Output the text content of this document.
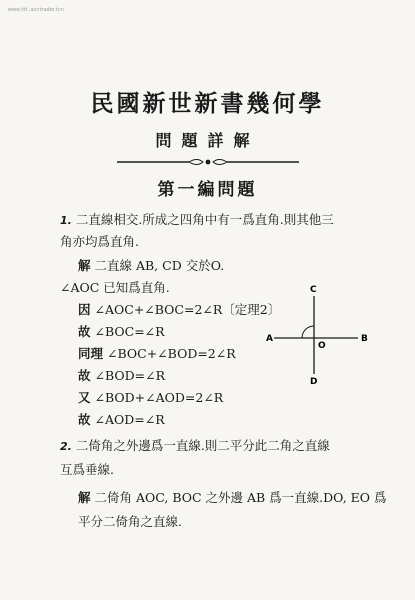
www.ttt..acntrader.tcn
民國新世新書幾何學
問題詳解
第一編問題
1. 二直線相交.所成之四角中有一爲直角.則其他三
角亦均爲直角.
解 二直線 AB, CD 交於O.
∠AOC 已知爲直角.
因 ∠AOC+∠BOC=2∠R〔定理2〕
故 ∠BOC=∠R
同理 ∠BOC+∠BOD=2∠R
故 ∠BOD=∠R
又 ∠BOD+∠AOD=2∠R
故 ∠AOD=∠R
2. 二倚角之外邊爲一直線.則二平分此二角之直線
互爲垂線.
解 二倚角 AOC, BOC 之外邊 AB 爲一直線.DO, EO 爲
平分二倚角之直線.
A	B
C
D
O
